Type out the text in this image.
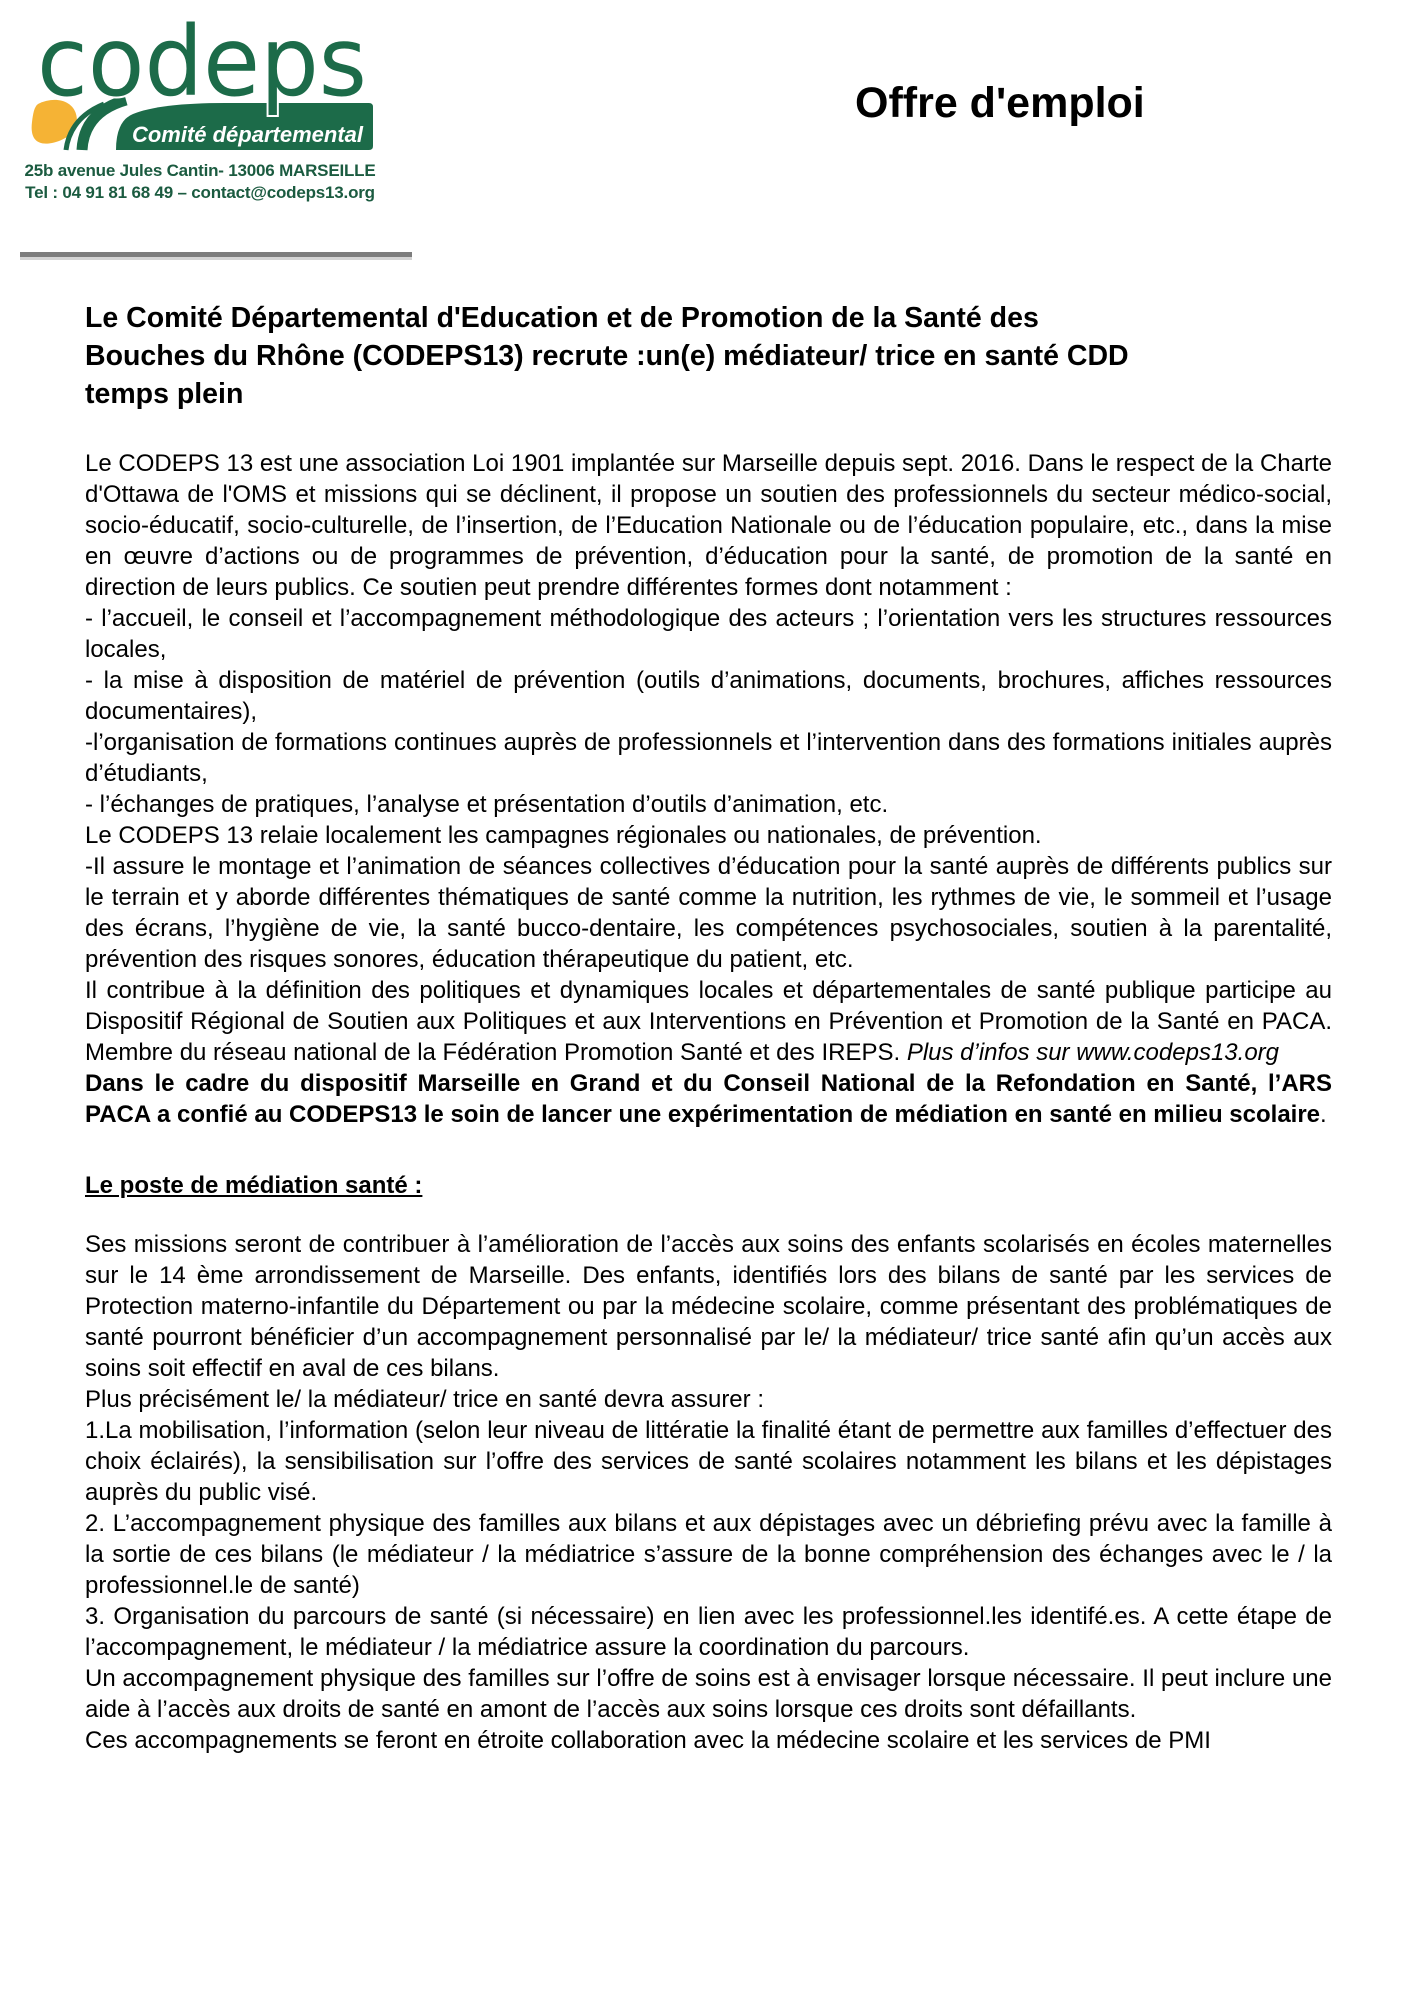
codeps
Comité départemental
25b avenue Jules Cantin- 13006 MARSEILLE
Tel : 04 91 81 68 49 – contact@codeps13.org
Offre d'emploi
Le Comité Départemental d'Education et de Promotion de la Santé des
Bouches du Rhône (CODEPS13) recrute :un(e) médiateur/ trice en santé CDD
temps plein

Le CODEPS 13 est une association Loi 1901 implantée sur Marseille depuis sept. 2016. Dans le respect de la Charte d'Ottawa de l'OMS et missions qui se déclinent, il propose un soutien des professionnels du secteur médico-social, socio-éducatif, socio-culturelle, de l’insertion, de l’Education Nationale ou de l’éducation populaire, etc., dans la mise en œuvre d’actions ou de programmes de prévention, d’éducation pour la santé, de promotion de la santé en direction de leurs publics. Ce soutien peut prendre différentes formes dont notamment :

- l’accueil, le conseil et l’accompagnement méthodologique des acteurs ; l’orientation vers les structures ressources locales,

- la mise à disposition de matériel de prévention (outils d’animations, documents, brochures, affiches ressources documentaires),

-l’organisation de formations continues auprès de professionnels et l’intervention dans des formations initiales auprès d’étudiants,

- l’échanges de pratiques, l’analyse et présentation d’outils d’animation, etc.

Le CODEPS 13 relaie localement les campagnes régionales ou nationales, de prévention.

-Il assure le montage et l’animation de séances collectives d’éducation pour la santé auprès de différents publics sur le terrain et y aborde différentes thématiques de santé comme la nutrition, les rythmes de vie, le sommeil et l’usage des écrans, l’hygiène de vie, la santé bucco-dentaire, les compétences psychosociales, soutien à la parentalité, prévention des risques sonores, éducation thérapeutique du patient, etc.

Il contribue à la définition des politiques et dynamiques locales et départementales de santé publique participe au Dispositif Régional de Soutien aux Politiques et aux Interventions en Prévention et Promotion de la Santé en PACA. Membre du réseau national de la Fédération Promotion Santé et des IREPS. Plus d’infos sur www.codeps13.org

Dans le cadre du dispositif Marseille en Grand et du Conseil National de la Refondation en Santé, l’ARS PACA a confié au CODEPS13 le soin de lancer une expérimentation de médiation en santé en milieu scolaire.

Le poste de médiation santé :

Ses missions seront de contribuer à l’amélioration de l’accès aux soins des enfants scolarisés en écoles maternelles sur le 14 ème arrondissement de Marseille. Des enfants, identifiés lors des bilans de santé par les services de Protection materno-infantile du Département ou par la médecine scolaire, comme présentant des problématiques de santé pourront bénéficier d’un accompagnement personnalisé par le/ la médiateur/ trice santé afin qu’un accès aux soins soit effectif en aval de ces bilans.

Plus précisément le/ la médiateur/ trice en santé devra assurer :

1.La mobilisation, l’information (selon leur niveau de littératie la finalité étant de permettre aux familles d’effectuer des choix éclairés), la sensibilisation sur l’offre des services de santé scolaires notamment les bilans et les dépistages auprès du public visé.

2. L’accompagnement physique des familles aux bilans et aux dépistages avec un débriefing prévu avec la famille à la sortie de ces bilans (le médiateur / la médiatrice s’assure de la bonne compréhension des échanges avec le / la professionnel.le de santé)

3. Organisation du parcours de santé (si nécessaire) en lien avec les professionnel.les identifé.es. A cette étape de l’accompagnement, le médiateur / la médiatrice assure la coordination du parcours.

Un accompagnement physique des familles sur l’offre de soins est à envisager lorsque nécessaire. Il peut inclure une aide à l’accès aux droits de santé en amont de l’accès aux soins lorsque ces droits sont défaillants.

Ces accompagnements se feront en étroite collaboration avec la médecine scolaire et les services de PMI
